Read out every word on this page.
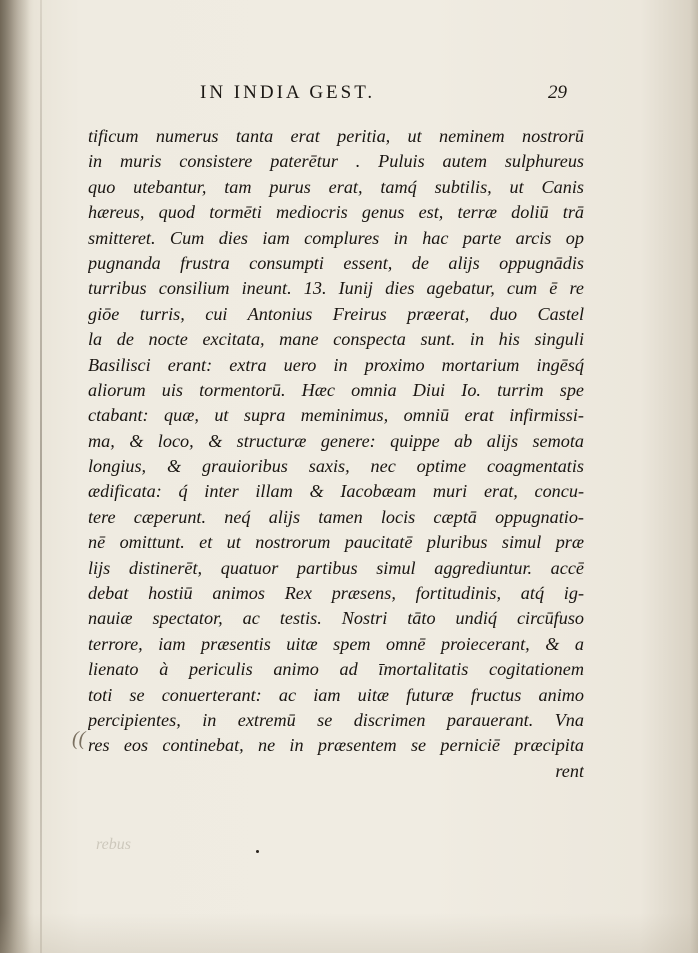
IN INDIA GEST.	29
((
tificum numerus tanta erat peritia, ut neminem nostrorū
in muris consistere paterētur . Puluis autem sulphureus
quo utebantur, tam purus erat, tamq́ subtilis, ut Canis
hæreus, quod tormēti mediocris genus est, terræ doliū trā
smitteret. Cum dies iam complures in hac parte arcis op
pugnanda frustra consumpti essent, de alijs oppugnādis
turribus consilium ineunt. 13. Iunij dies agebatur, cum ē re
giōe turris, cui Antonius Freirus præerat, duo Castel
la de nocte excitata, mane conspecta sunt. in his singuli
Basilisci erant: extra uero in proximo mortarium ingēsq́
aliorum uis tormentorū. Hæc omnia Diui Io. turrim spe
ctabant: quæ, ut supra meminimus, omniū erat infirmissi-
ma, & loco, & structuræ genere: quippe ab alijs semota
longius, & grauioribus saxis, nec optime coagmentatis
ædificata: q́ inter illam & Iacobæam muri erat, concu-
tere cæperunt. neq́ alijs tamen locis cæptā oppugnatio-
nē omittunt. et ut nostrorum paucitatē pluribus simul præ
lijs distinerēt, quatuor partibus simul aggrediuntur. accē
debat hostiū animos Rex præsens, fortitudinis, atq́ ig-
nauiæ spectator, ac testis. Nostri tāto undiq́ circūfuso
terrore, iam præsentis uitæ spem omnē proiecerant, & a
lienato à periculis animo ad īmortalitatis cogitationem
toti se conuerterant: ac iam uitæ futuræ fructus animo
percipientes, in extremū se discrimen parauerant. Vna
res eos continebat, ne in præsentem se perniciē præcipita
rent
rebus
